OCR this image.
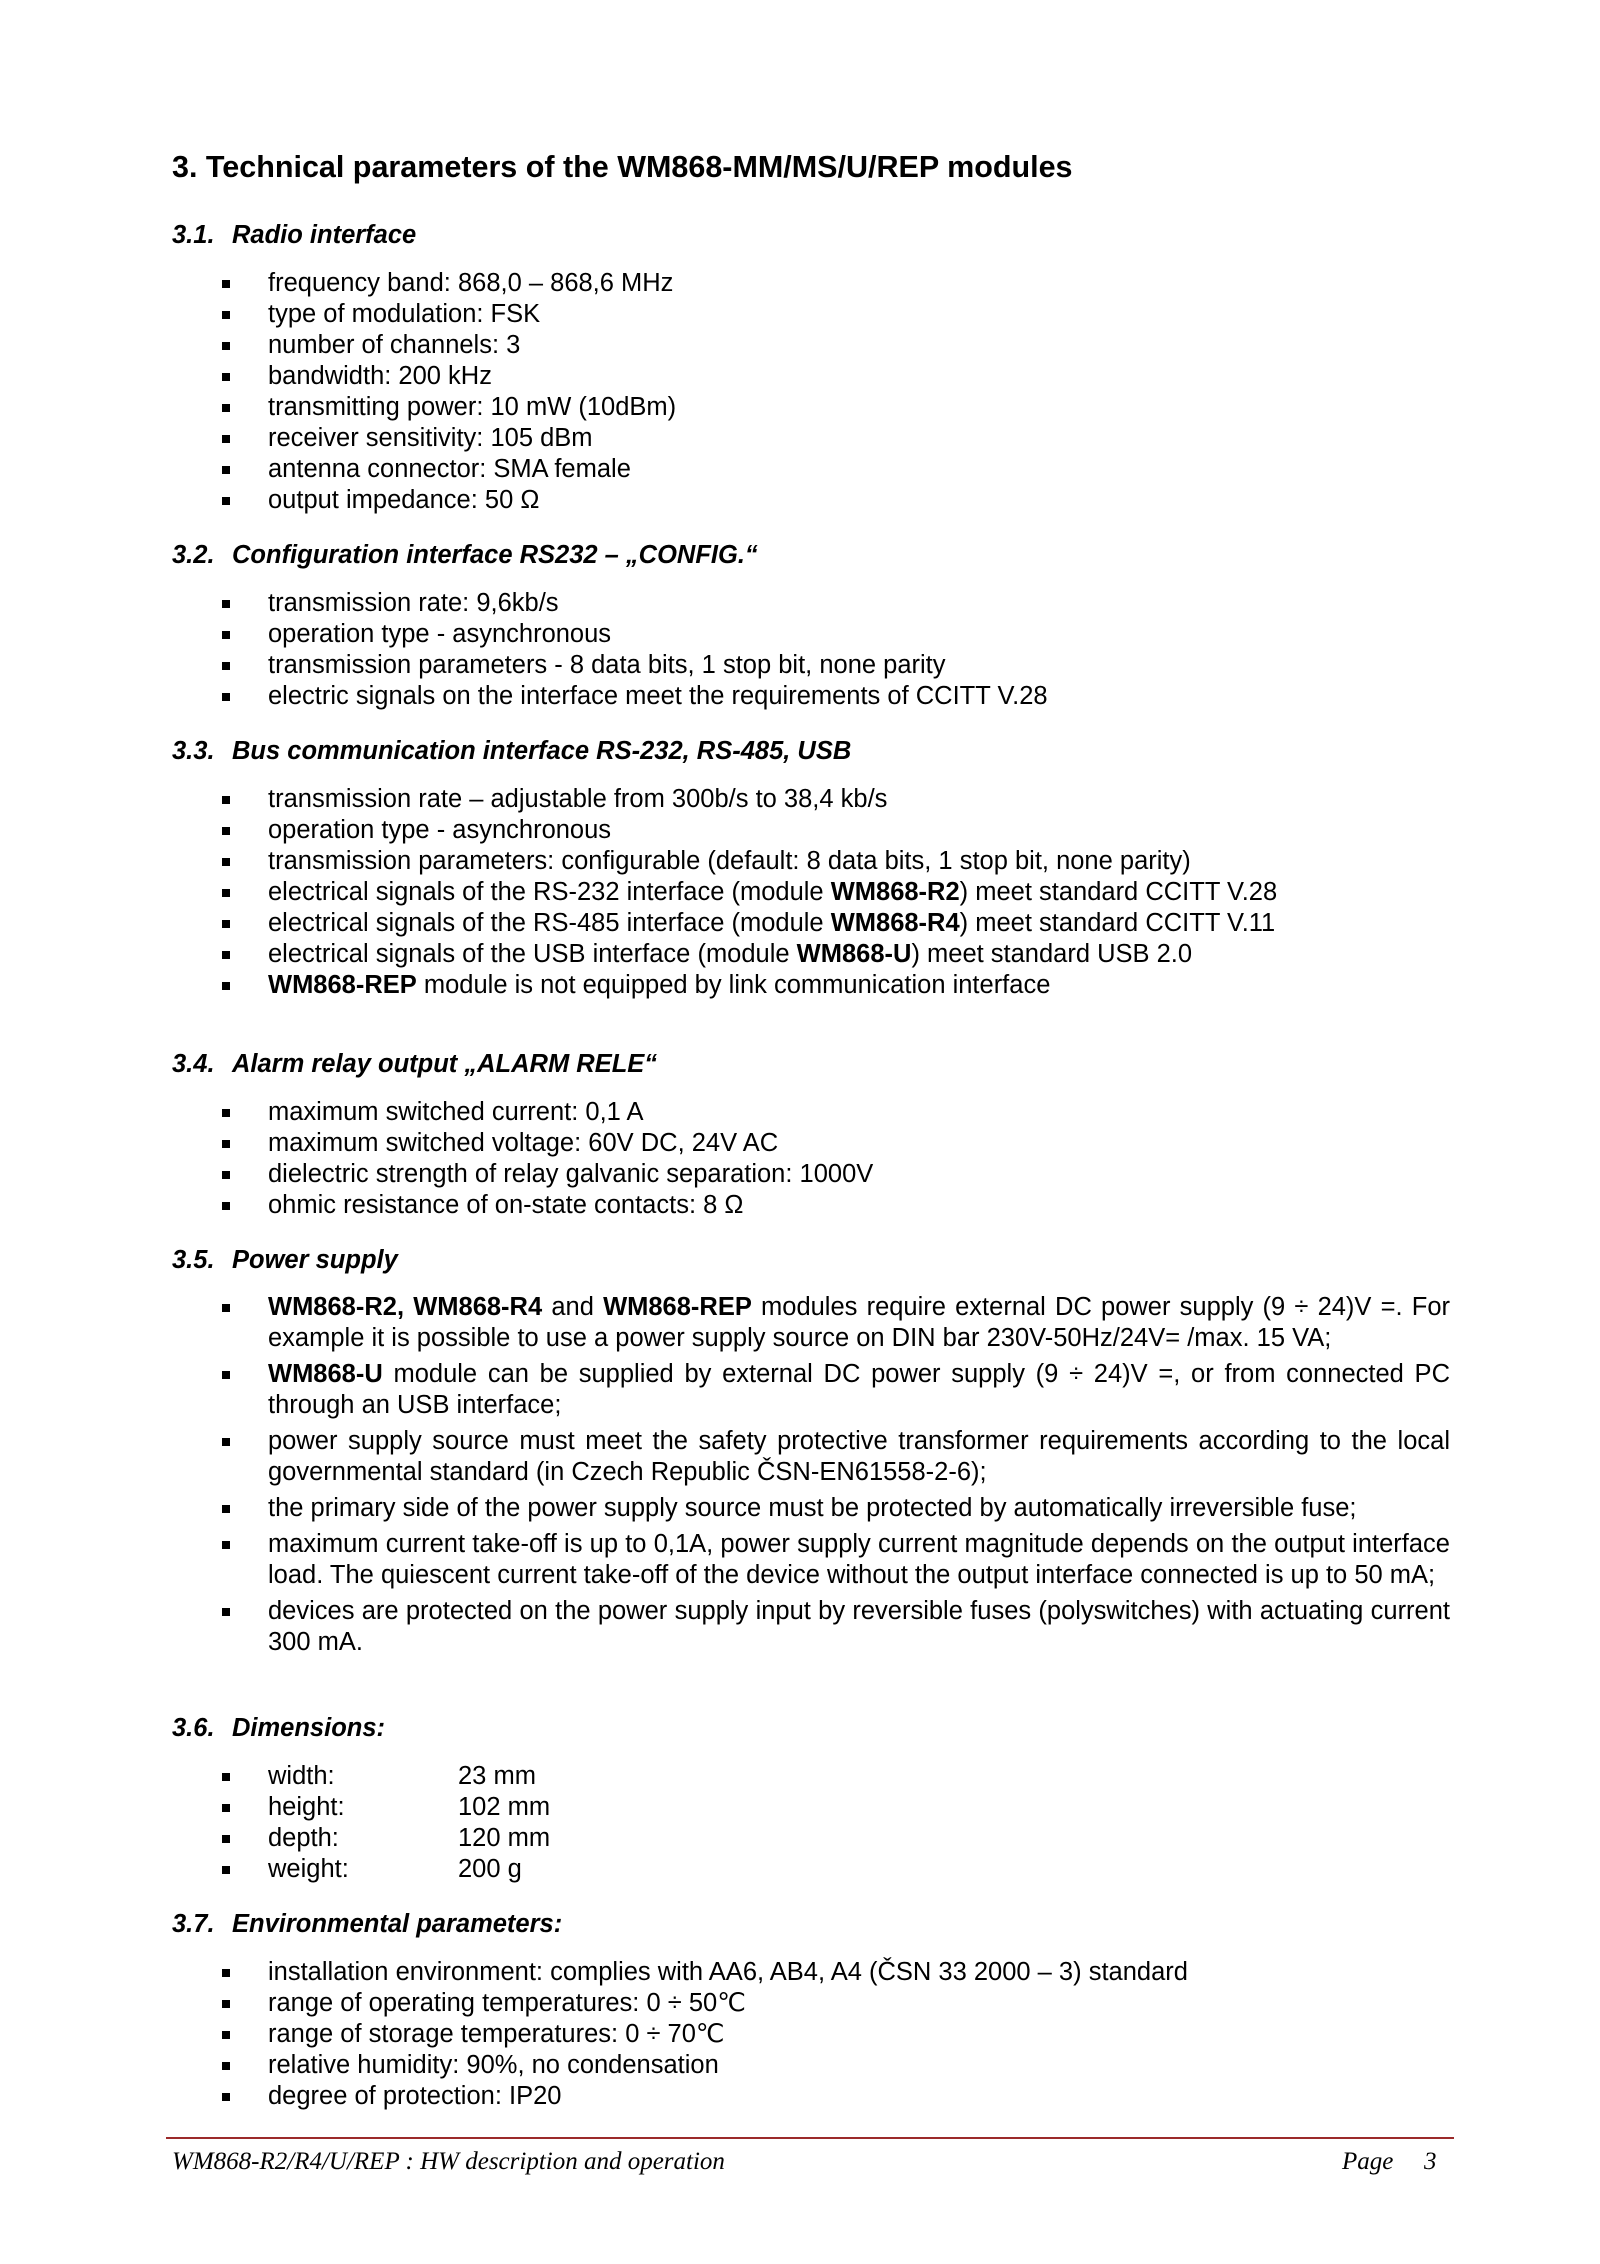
3. Technical parameters of the WM868-MM/MS/U/REP modules
3.1. Radio interface
frequency band: 868,0 – 868,6 MHz
type of modulation: FSK
number of channels: 3
bandwidth: 200 kHz
transmitting power: 10 mW (10dBm)
receiver sensitivity: 105 dBm
antenna connector: SMA female
output impedance: 50 Ω
3.2. Configuration interface RS232 – „CONFIG.“
transmission rate: 9,6kb/s
operation type - asynchronous
transmission parameters - 8 data bits, 1 stop bit, none parity
electric signals on the interface meet the requirements of CCITT V.28
3.3. Bus communication interface RS-232, RS-485, USB
transmission rate – adjustable from 300b/s to 38,4 kb/s
operation type - asynchronous
transmission parameters: configurable (default: 8 data bits, 1 stop bit, none parity)
electrical signals of the RS-232 interface (module WM868-R2) meet standard CCITT V.28
electrical signals of the RS-485 interface (module WM868-R4) meet standard CCITT V.11
electrical signals of the USB interface (module WM868-U) meet standard USB 2.0
WM868-REP module is not equipped by link communication interface
3.4. Alarm relay output „ALARM RELE“
maximum switched current: 0,1 A
maximum switched voltage: 60V DC, 24V AC
dielectric strength of relay galvanic separation: 1000V
ohmic resistance of on-state contacts: 8 Ω
3.5. Power supply
WM868-R2, WM868-R4 and WM868-REP modules require external DC power supply (9 ÷ 24)V =. For example it is possible to use a power supply source on DIN bar 230V-50Hz/24V= /max. 15 VA;
WM868-U module can be supplied by external DC power supply (9 ÷ 24)V =, or from connected PC through an USB interface;
power supply source must meet the safety protective transformer requirements according to the local governmental standard (in Czech Republic ČSN-EN61558-2-6);
the primary side of the power supply source must be protected by automatically irreversible fuse;
maximum current take-off is up to 0,1A, power supply current magnitude depends on the output interface load. The quiescent current take-off of the device without the output interface connected is up to 50 mA;
devices are protected on the power supply input by reversible fuses (polyswitches) with actuating current 300 mA.
3.6. Dimensions:
width:	23 mm
height:	102 mm
depth:	120 mm
weight:	200 g
3.7. Environmental parameters:
installation environment: complies with AA6, AB4, A4 (ČSN 33 2000 – 3) standard
range of operating temperatures: 0 ÷ 50℃
range of storage temperatures: 0 ÷ 70℃
relative humidity: 90%, no condensation
degree of protection: IP20
WM868-R2/R4/U/REP : HW description and operation	Page 3
